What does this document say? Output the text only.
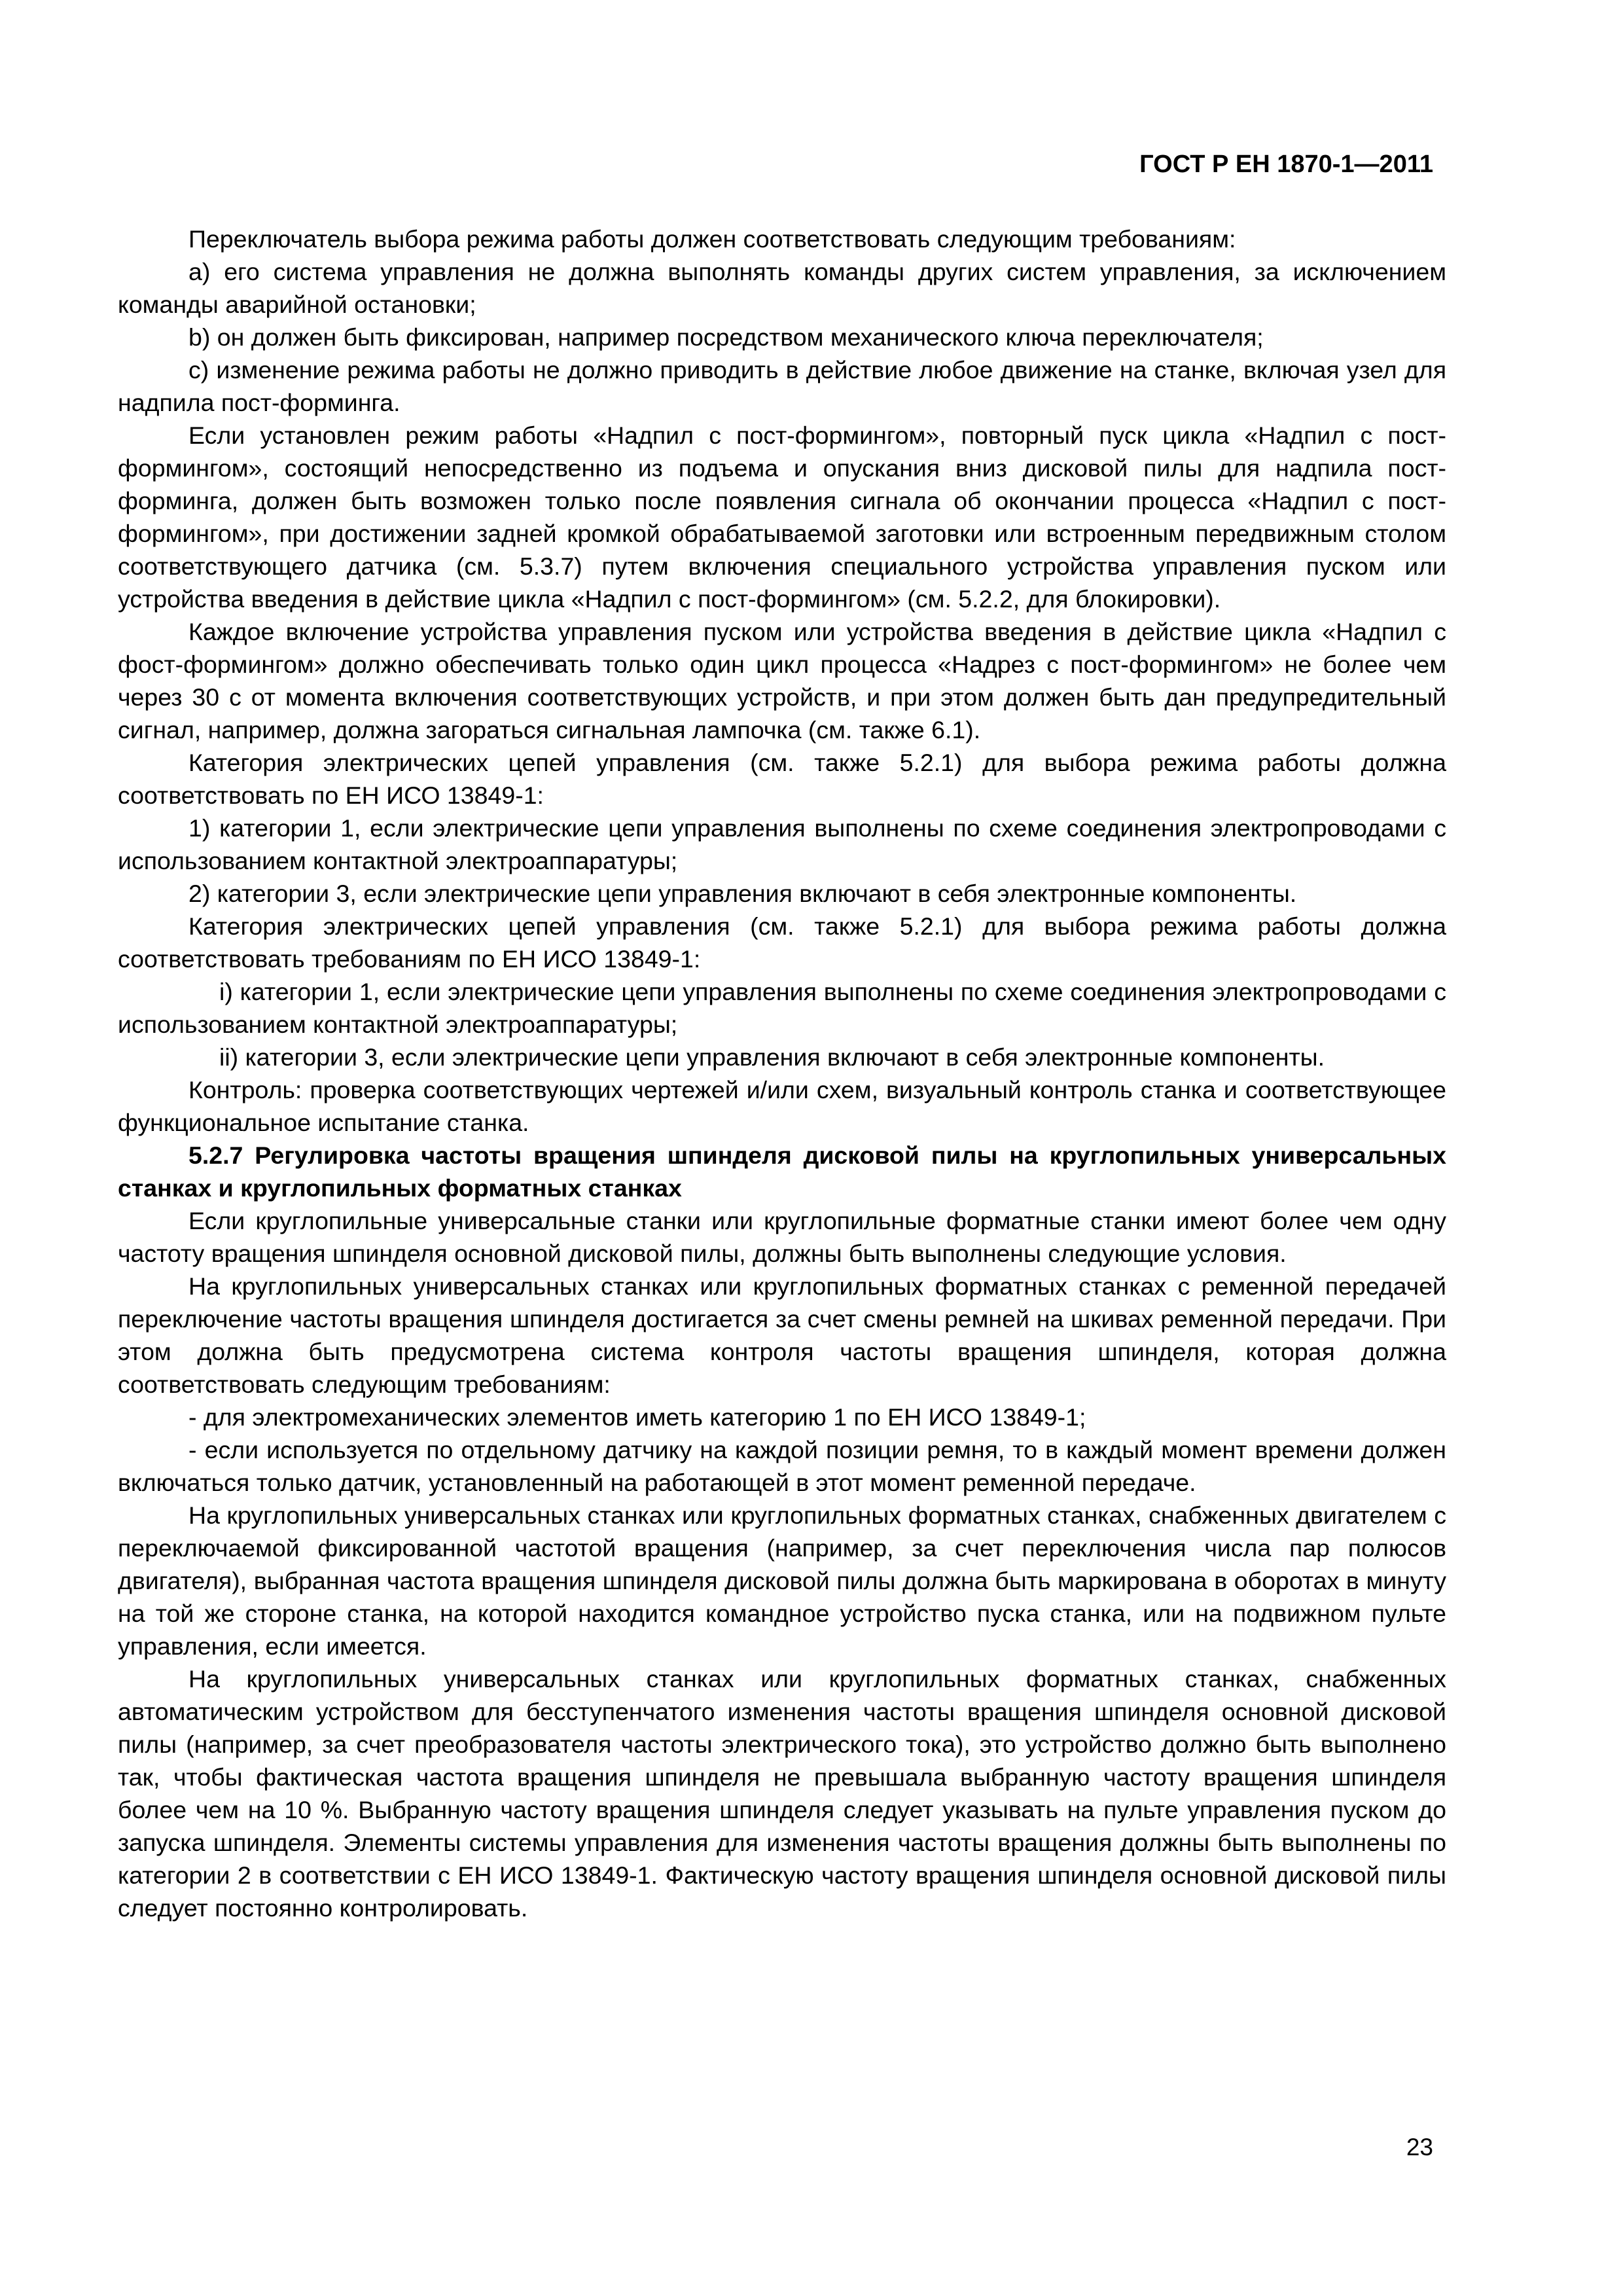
ГОСТ Р ЕН 1870-1—2011

Переключатель выбора режима работы должен соответствовать следующим требованиям:

a) его система управления не должна выполнять команды других систем управления, за исключением команды аварийной остановки;

b) он должен быть фиксирован, например посредством механического ключа переключателя;

c) изменение режима работы не должно приводить в действие любое движение на станке, включая узел для надпила пост-форминга.

Если установлен режим работы «Надпил с пост-формингом», повторный пуск цикла «Надпил с пост-формингом», состоящий непосредственно из подъема и опускания вниз дисковой пилы для надпила пост-форминга, должен быть возможен только после появления сигнала об окончании процесса «Надпил с пост-формингом», при достижении задней кромкой обрабатываемой заготовки или встроенным передвижным столом соответствующего датчика (см. 5.3.7) путем включения специального устройства управления пуском или устройства введения в действие цикла «Надпил с пост-формингом» (см. 5.2.2, для блокировки).

Каждое включение устройства управления пуском или устройства введения в действие цикла «Надпил с фост-формингом» должно обеспечивать только один цикл процесса «Надрез с пост-формингом» не более чем через 30 с от момента включения соответствующих устройств, и при этом должен быть дан предупредительный сигнал, например, должна загораться сигнальная лампочка (см. также 6.1).

Категория электрических цепей управления (см. также 5.2.1) для выбора режима работы должна соответствовать по ЕН ИСО 13849-1:

1) категории 1, если электрические цепи управления выполнены по схеме соединения электропроводами с использованием контактной электроаппаратуры;

2) категории 3, если электрические цепи управления включают в себя электронные компоненты.

Категория электрических цепей управления (см. также 5.2.1) для выбора режима работы должна соответствовать требованиям по ЕН ИСО 13849-1:

i) категории 1, если электрические цепи управления выполнены по схеме соединения электропроводами с использованием контактной электроаппаратуры;

ii) категории 3, если электрические цепи управления включают в себя электронные компоненты.

Контроль: проверка соответствующих чертежей и/или схем, визуальный контроль станка и соответствующее функциональное испытание станка.

5.2.7 Регулировка частоты вращения шпинделя дисковой пилы на круглопильных универсальных станках и круглопильных форматных станках

Если круглопильные универсальные станки или круглопильные форматные станки имеют более чем одну частоту вращения шпинделя основной дисковой пилы, должны быть выполнены следующие условия.

На круглопильных универсальных станках или круглопильных форматных станках с ременной передачей переключение частоты вращения шпинделя достигается за счет смены ремней на шкивах ременной передачи. При этом должна быть предусмотрена система контроля частоты вращения шпинделя, которая должна соответствовать следующим требованиям:

- для электромеханических элементов иметь категорию 1 по ЕН ИСО 13849-1;

- если используется по отдельному датчику на каждой позиции ремня, то в каждый момент времени должен включаться только датчик, установленный на работающей в этот момент ременной передаче.

На круглопильных универсальных станках или круглопильных форматных станках, снабженных двигателем с переключаемой фиксированной частотой вращения (например, за счет переключения числа пар полюсов двигателя), выбранная частота вращения шпинделя дисковой пилы должна быть маркирована в оборотах в минуту на той же стороне станка, на которой находится командное устройство пуска станка, или на подвижном пульте управления, если имеется.

На круглопильных универсальных станках или круглопильных форматных станках, снабженных автоматическим устройством для бесступенчатого изменения частоты вращения шпинделя основной дисковой пилы (например, за счет преобразователя частоты электрического тока), это устройство должно быть выполнено так, чтобы фактическая частота вращения шпинделя не превышала выбранную частоту вращения шпинделя более чем на 10 %. Выбранную частоту вращения шпинделя следует указывать на пульте управления пуском до запуска шпинделя. Элементы системы управления для изменения частоты вращения должны быть выполнены по категории 2 в соответствии с ЕН ИСО 13849-1. Фактическую частоту вращения шпинделя основной дисковой пилы следует постоянно контролировать.

23
